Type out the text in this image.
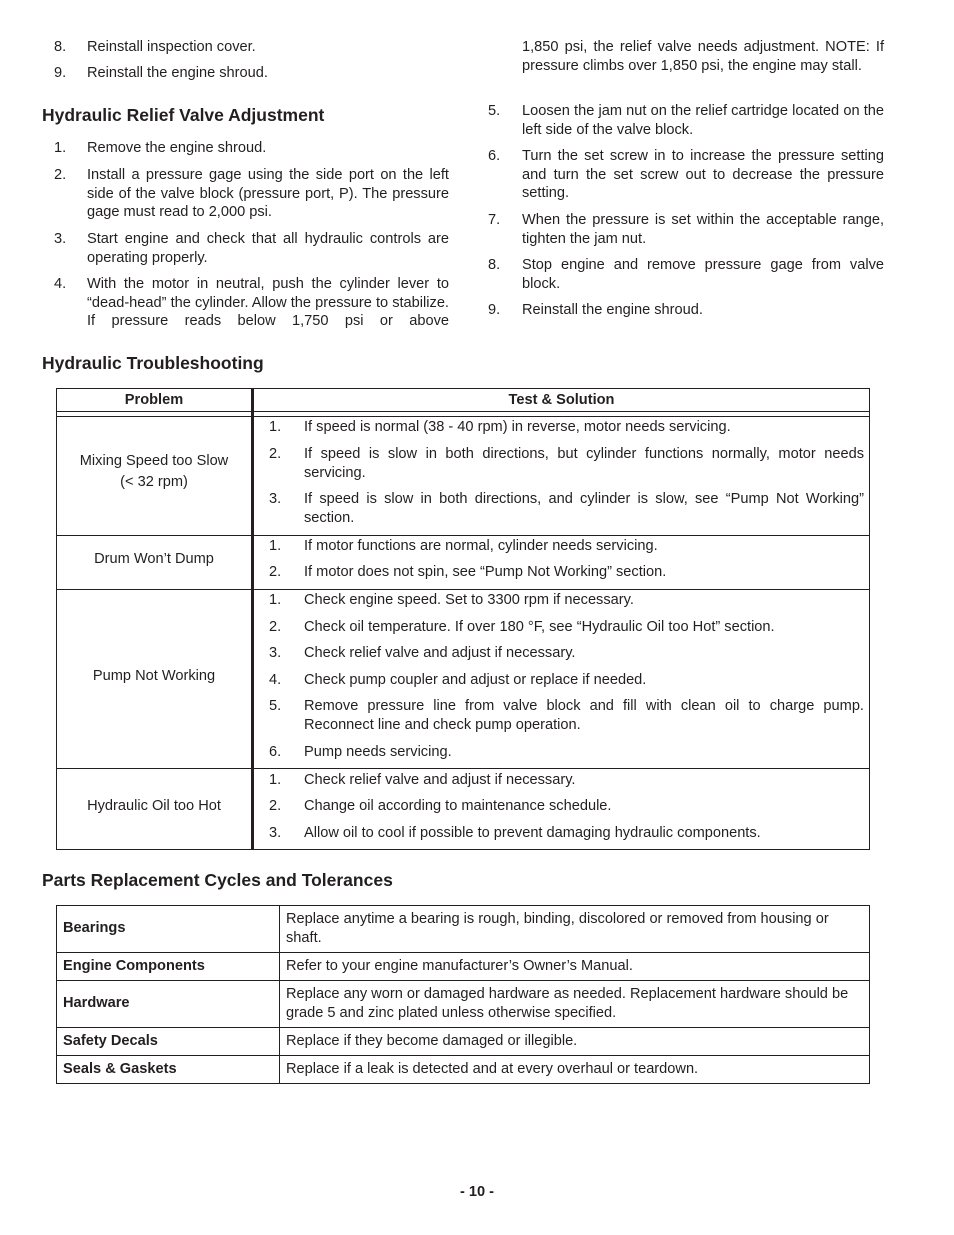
8. Reinstall inspection cover.
9. Reinstall the engine shroud.
Hydraulic Relief Valve Adjustment
1. Remove the engine shroud.
2. Install a pressure gage using the side port on the left side of the valve block (pressure port, P). The pressure gage must read to 2,000 psi.
3. Start engine and check that all hydraulic controls are operating properly.
4. With the motor in neutral, push the cylinder lever to “dead-head” the cylinder. Allow the pressure to stabilize. If pressure reads below 1,750 psi or above
1,850 psi, the relief valve needs adjustment. NOTE: If pressure climbs over 1,850 psi, the engine may stall.
5. Loosen the jam nut on the relief cartridge located on the left side of the valve block.
6. Turn the set screw in to increase the pressure setting and turn the set screw out to decrease the pressure setting.
7. When the pressure is set within the acceptable range, tighten the jam nut.
8. Stop engine and remove pressure gage from valve block.
9. Reinstall the engine shroud.
Hydraulic Troubleshooting
Problem	Test & Solution
Mixing Speed too Slow
(< 32 rpm)
1. If speed is normal (38 - 40 rpm) in reverse, motor needs servicing.
2. If speed is slow in both directions, but cylinder functions normally, motor needs servicing.
3. If speed is slow in both directions, and cylinder is slow, see “Pump Not Working” section.
Drum Won’t Dump
1. If motor functions are normal, cylinder needs servicing.
2. If motor does not spin, see “Pump Not Working” section.
Pump Not Working
1. Check engine speed. Set to 3300 rpm if necessary.
2. Check oil temperature. If over 180 °F, see “Hydraulic Oil too Hot” section.
3. Check relief valve and adjust if necessary.
4. Check pump coupler and adjust or replace if needed.
5. Remove pressure line from valve block and fill with clean oil to charge pump. Reconnect line and check pump operation.
6. Pump needs servicing.
Hydraulic Oil too Hot
1. Check relief valve and adjust if necessary.
2. Change oil according to maintenance schedule.
3. Allow oil to cool if possible to prevent damaging hydraulic components.
Parts Replacement Cycles and Tolerances
Bearings	Replace anytime a bearing is rough, binding, discolored or removed from housing or shaft.
Engine Components	Refer to your engine manufacturer’s Owner’s Manual.
Hardware	Replace any worn or damaged hardware as needed. Replacement hardware should be grade 5 and zinc plated unless otherwise specified.
Safety Decals	Replace if they become damaged or illegible.
Seals & Gaskets	Replace if a leak is detected and at every overhaul or teardown.
- 10 -
